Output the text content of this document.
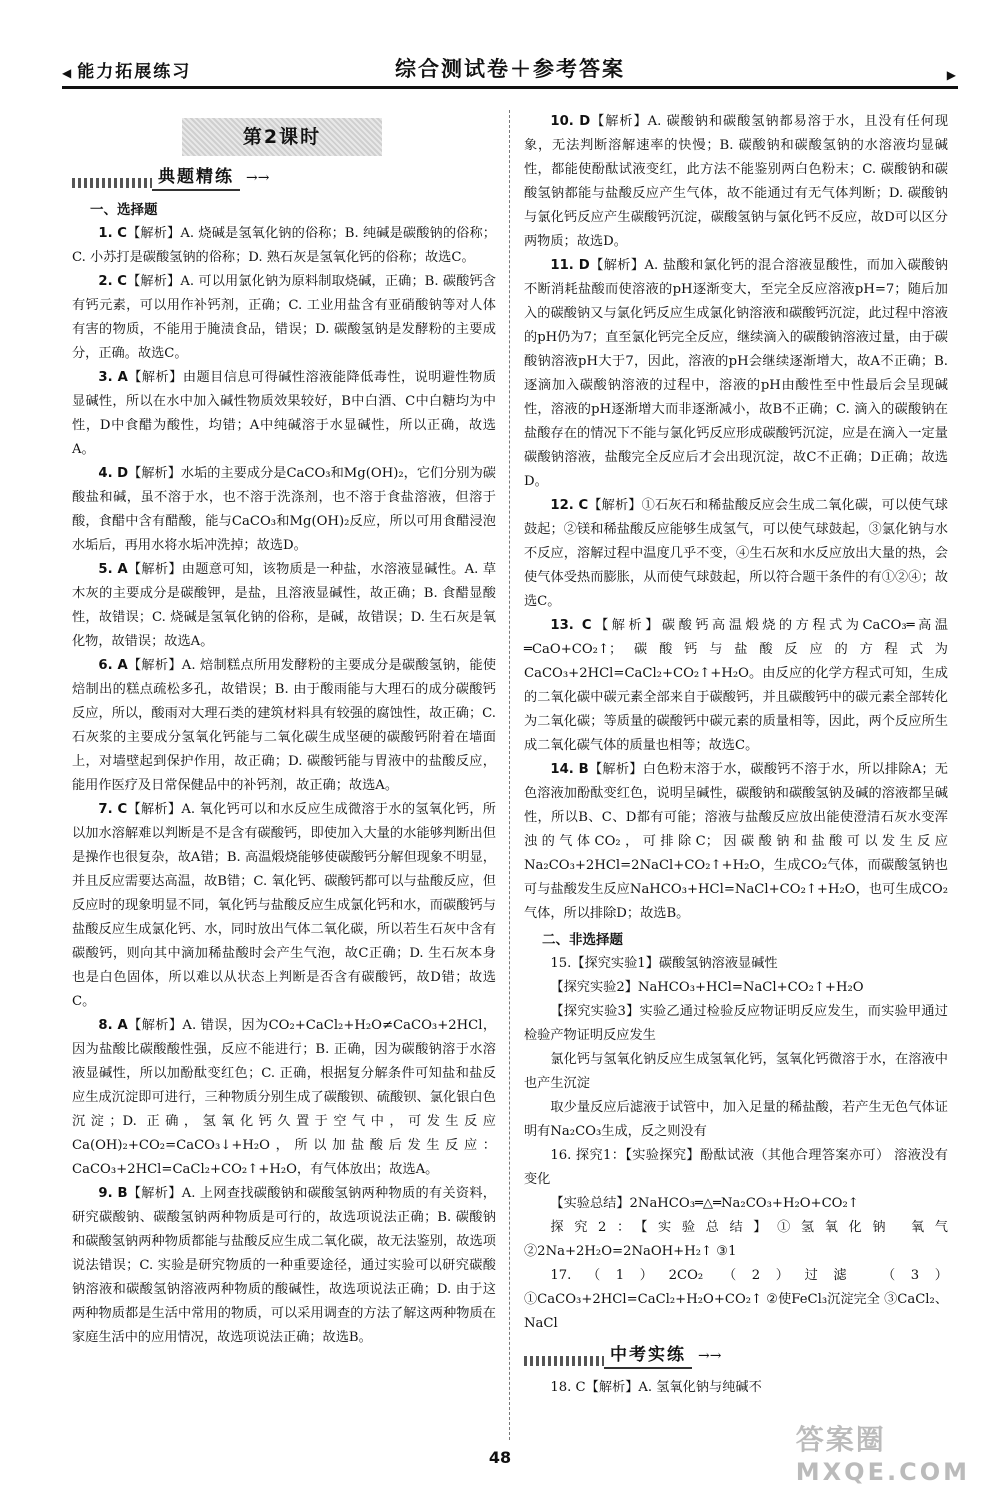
◀ 能力拓展练习	综合测试卷＋参考答案	▶
第2课时
典题精练 →→
一、选择题

1. C【解析】A. 烧碱是氢氧化钠的俗称；B. 纯碱是碳酸钠的俗称；C. 小苏打是碳酸氢钠的俗称；D. 熟石灰是氢氧化钙的俗称；故选C。

2. C【解析】A. 可以用氯化钠为原料制取烧碱，正确；B. 碳酸钙含有钙元素，可以用作补钙剂，正确；C. 工业用盐含有亚硝酸钠等对人体有害的物质，不能用于腌渍食品，错误；D. 碳酸氢钠是发酵粉的主要成分，正确。故选C。

3. A【解析】由题目信息可得碱性溶液能降低毒性，说明避性物质显碱性，所以在水中加入碱性物质效果较好，B中白酒、C中白糖均为中性，D中食醋为酸性，均错；A中纯碱溶于水显碱性，所以正确，故选A。

4. D【解析】水垢的主要成分是CaCO₃和Mg(OH)₂，它们分别为碳酸盐和碱，虽不溶于水，也不溶于洗涤剂，也不溶于食盐溶液，但溶于酸，食醋中含有醋酸，能与CaCO₃和Mg(OH)₂反应，所以可用食醋浸泡水垢后，再用水将水垢冲洗掉；故选D。

5. A【解析】由题意可知，该物质是一种盐，水溶液显碱性。A. 草木灰的主要成分是碳酸钾，是盐，且溶液显碱性，故正确；B. 食醋显酸性，故错误；C. 烧碱是氢氧化钠的俗称，是碱，故错误；D. 生石灰是氧化物，故错误；故选A。

6. A【解析】A. 焙制糕点所用发酵粉的主要成分是碳酸氢钠，能使焙制出的糕点疏松多孔，故错误；B. 由于酸雨能与大理石的成分碳酸钙反应，所以，酸雨对大理石类的建筑材料具有较强的腐蚀性，故正确；C. 石灰浆的主要成分氢氧化钙能与二氧化碳生成坚硬的碳酸钙附着在墙面上，对墙壁起到保护作用，故正确；D. 碳酸钙能与胃液中的盐酸反应，能用作医疗及日常保健品中的补钙剂，故正确；故选A。

7. C【解析】A. 氧化钙可以和水反应生成微溶于水的氢氧化钙，所以加水溶解难以判断是不是含有碳酸钙，即使加入大量的水能够判断出但是操作也很复杂，故A错；B. 高温煅烧能够使碳酸钙分解但现象不明显，并且反应需要达高温，故B错；C. 氧化钙、碳酸钙都可以与盐酸反应，但反应时的现象明显不同，氧化钙与盐酸反应生成氯化钙和水，而碳酸钙与盐酸反应生成氯化钙、水，同时放出气体二氧化碳，所以若生石灰中含有碳酸钙，则向其中滴加稀盐酸时会产生气泡，故C正确；D. 生石灰本身也是白色固体，所以难以从状态上判断是否含有碳酸钙，故D错；故选C。

8. A【解析】A. 错误，因为CO₂+CaCl₂+H₂O≠CaCO₃+2HCl，因为盐酸比碳酸酸性强，反应不能进行；B. 正确，因为碳酸钠溶于水溶液显碱性，所以加酚酞变红色；C. 正确，根据复分解条件可知盐和盐反应生成沉淀即可进行，三种物质分别生成了碳酸钡、硫酸钡、氯化银白色沉淀；D. 正确，氢氧化钙久置于空气中，可发生反应Ca(OH)₂+CO₂=CaCO₃↓+H₂O，所以加盐酸后发生反应：CaCO₃+2HCl=CaCl₂+CO₂↑+H₂O，有气体放出；故选A。

9. B【解析】A. 上网查找碳酸钠和碳酸氢钠两种物质的有关资料，研究碳酸钠、碳酸氢钠两种物质是可行的，故选项说法正确；B. 碳酸钠和碳酸氢钠两种物质都能与盐酸反应生成二氧化碳，故无法鉴别，故选项说法错误；C. 实验是研究物质的一种重要途径，通过实验可以研究碳酸钠溶液和碳酸氢钠溶液两种物质的酸碱性，故选项说法正确；D. 由于这两种物质都是生活中常用的物质，可以采用调查的方法了解这两种物质在家庭生活中的应用情况，故选项说法正确；故选B。

10. D【解析】A. 碳酸钠和碳酸氢钠都易溶于水，且没有任何现象，无法判断溶解速率的快慢；B. 碳酸钠和碳酸氢钠的水溶液均显碱性，都能使酚酞试液变红，此方法不能鉴别两白色粉末；C. 碳酸钠和碳酸氢钠都能与盐酸反应产生气体，故不能通过有无气体判断；D. 碳酸钠与氯化钙反应产生碳酸钙沉淀，碳酸氢钠与氯化钙不反应，故D可以区分两物质；故选D。

11. D【解析】A. 盐酸和氯化钙的混合溶液显酸性，而加入碳酸钠不断消耗盐酸而使溶液的pH逐渐变大，至完全反应溶液pH=7；随后加入的碳酸钠又与氯化钙反应生成氯化钠溶液和碳酸钙沉淀，此过程中溶液的pH仍为7；直至氯化钙完全反应，继续滴入的碳酸钠溶液过量，由于碳酸钠溶液pH大于7，因此，溶液的pH会继续逐渐增大，故A不正确；B. 逐滴加入碳酸钠溶液的过程中，溶液的pH由酸性至中性最后会呈现碱性，溶液的pH逐渐增大而非逐渐减小，故B不正确；C. 滴入的碳酸钠在盐酸存在的情况下不能与氯化钙反应形成碳酸钙沉淀，应是在滴入一定量碳酸钠溶液，盐酸完全反应后才会出现沉淀，故C不正确；D正确；故选D。

12. C【解析】①石灰石和稀盐酸反应会生成二氧化碳，可以使气球鼓起；②镁和稀盐酸反应能够生成氢气，可以使气球鼓起，③氯化钠与水不反应，溶解过程中温度几乎不变，④生石灰和水反应放出大量的热，会使气体受热而膨胀，从而使气球鼓起，所以符合题干条件的有①②④；故选C。

13. C【解析】碳酸钙高温煅烧的方程式为CaCO₃═高温═CaO+CO₂↑；碳酸钙与盐酸反应的方程式为CaCO₃+2HCl=CaCl₂+CO₂↑+H₂O。由反应的化学方程式可知，生成的二氧化碳中碳元素全部来自于碳酸钙，并且碳酸钙中的碳元素全部转化为二氧化碳；等质量的碳酸钙中碳元素的质量相等，因此，两个反应所生成二氧化碳气体的质量也相等；故选C。

14. B【解析】白色粉末溶于水，碳酸钙不溶于水，所以排除A；无色溶液加酚酞变红色，说明呈碱性，碳酸钠和碳酸氢钠及碱的溶液都呈碱性，所以B、C、D都有可能；溶液与盐酸反应放出能使澄清石灰水变浑浊的气体CO₂，可排除C；因碳酸钠和盐酸可以发生反应Na₂CO₃+2HCl=2NaCl+CO₂↑+H₂O，生成CO₂气体，而碳酸氢钠也可与盐酸发生反应NaHCO₃+HCl=NaCl+CO₂↑+H₂O，也可生成CO₂气体，所以排除D；故选B。

二、非选择题

15.【探究实验1】碳酸氢钠溶液显碱性

【探究实验2】NaHCO₃+HCl=NaCl+CO₂↑+H₂O

【探究实验3】实验乙通过检验反应物证明反应发生，而实验甲通过检验产物证明反应发生

氯化钙与氢氧化钠反应生成氢氧化钙，氢氧化钙微溶于水，在溶液中也产生沉淀

取少量反应后滤液于试管中，加入足量的稀盐酸，若产生无色气体证明有Na₂CO₃生成，反之则没有

16. 探究1：【实验探究】酚酞试液（其他合理答案亦可） 溶液没有变化

【实验总结】2NaHCO₃═△═Na₂CO₃+H₂O+CO₂↑

探究2：【实验总结】①氢氧化钠 氧气 ②2Na+2H₂O=2NaOH+H₂↑ ③1

17.（1）2CO₂ （2）过滤 （3）①CaCO₃+2HCl=CaCl₂+H₂O+CO₂↑ ②使FeCl₃沉淀完全 ③CaCl₂、NaCl

中考实练 →→

18. C【解析】A. 氢氧化钠与纯碱不

48
答案圈
MXQE.COM
